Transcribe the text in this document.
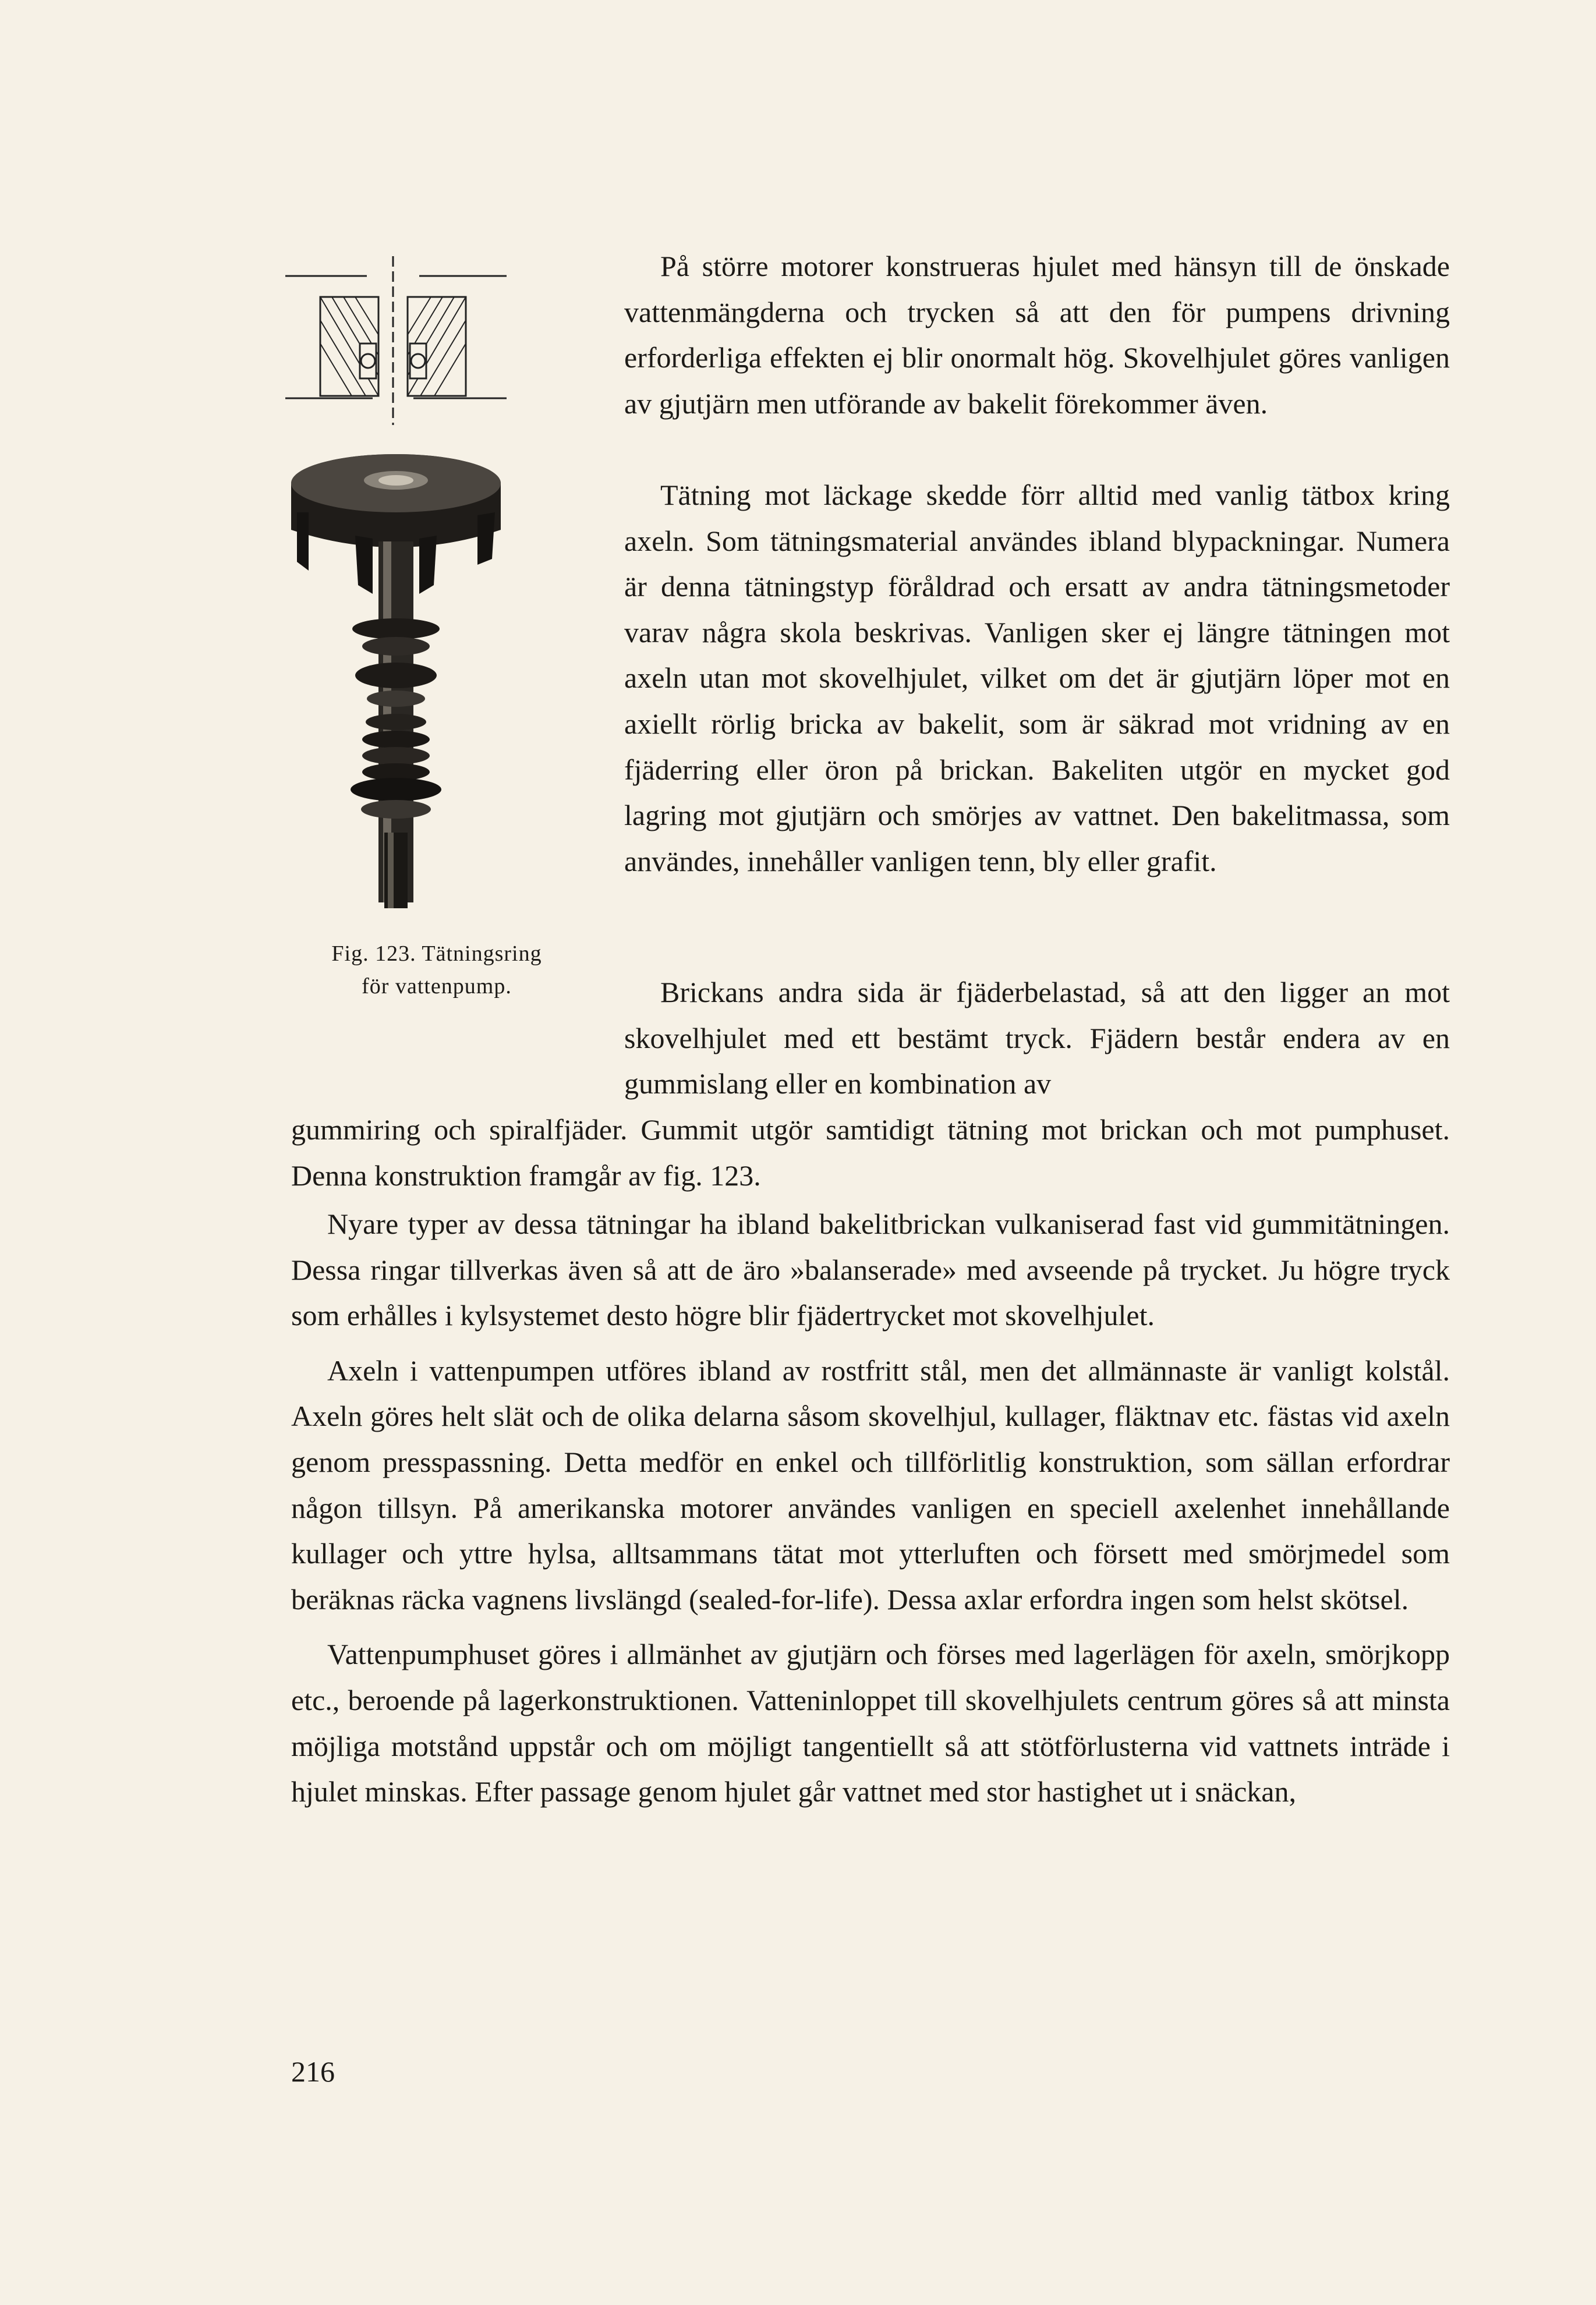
Fig. 123. Tätningsring
för vattenpump.

På större motorer konstrueras hjulet med hänsyn till de önskade vattenmängderna och trycken så att den för pumpens drivning erforderliga effekten ej blir onormalt hög. Skovelhjulet göres vanligen av gjutjärn men utförande av bakelit förekommer även.

Tätning mot läckage skedde förr alltid med vanlig tätbox kring axeln. Som tätningsmaterial användes ibland blypackningar. Numera är denna tätningstyp föråldrad och ersatt av andra tätningsmetoder varav några skola beskrivas. Vanligen sker ej längre tätningen mot axeln utan mot skovelhjulet, vilket om det är gjutjärn löper mot en axiellt rörlig bricka av bakelit, som är säkrad mot vridning av en fjäderring eller öron på brickan. Bakeliten utgör en mycket god lagring mot gjutjärn och smörjes av vattnet. Den bakelitmassa, som användes, innehåller vanligen tenn, bly eller grafit.

Brickans andra sida är fjäderbelastad, så att den ligger an mot skovelhjulet med ett bestämt tryck. Fjädern består endera av en gummislang eller en kombination av

gummiring och spiralfjäder. Gummit utgör samtidigt tätning mot brickan och mot pumphuset. Denna konstruktion framgår av fig. 123.

Nyare typer av dessa tätningar ha ibland bakelitbrickan vulkaniserad fast vid gummitätningen. Dessa ringar tillverkas även så att de äro »balanserade» med avseende på trycket. Ju högre tryck som erhålles i kylsystemet desto högre blir fjädertrycket mot skovelhjulet.

Axeln i vattenpumpen utföres ibland av rostfritt stål, men det allmännaste är vanligt kolstål. Axeln göres helt slät och de olika delarna såsom skovelhjul, kullager, fläktnav etc. fästas vid axeln genom presspassning. Detta medför en enkel och tillförlitlig konstruktion, som sällan erfordrar någon tillsyn. På amerikanska motorer användes vanligen en speciell axelenhet innehållande kullager och yttre hylsa, alltsammans tätat mot ytterluften och försett med smörjmedel som beräknas räcka vagnens livslängd (sealed-for-life). Dessa axlar erfordra ingen som helst skötsel.

Vattenpumphuset göres i allmänhet av gjutjärn och förses med lagerlägen för axeln, smörjkopp etc., beroende på lagerkonstruktionen. Vatteninloppet till skovelhjulets centrum göres så att minsta möjliga motstånd uppstår och om möjligt tangentiellt så att stötförlusterna vid vattnets inträde i hjulet minskas. Efter passage genom hjulet går vattnet med stor hastighet ut i snäckan,

216
